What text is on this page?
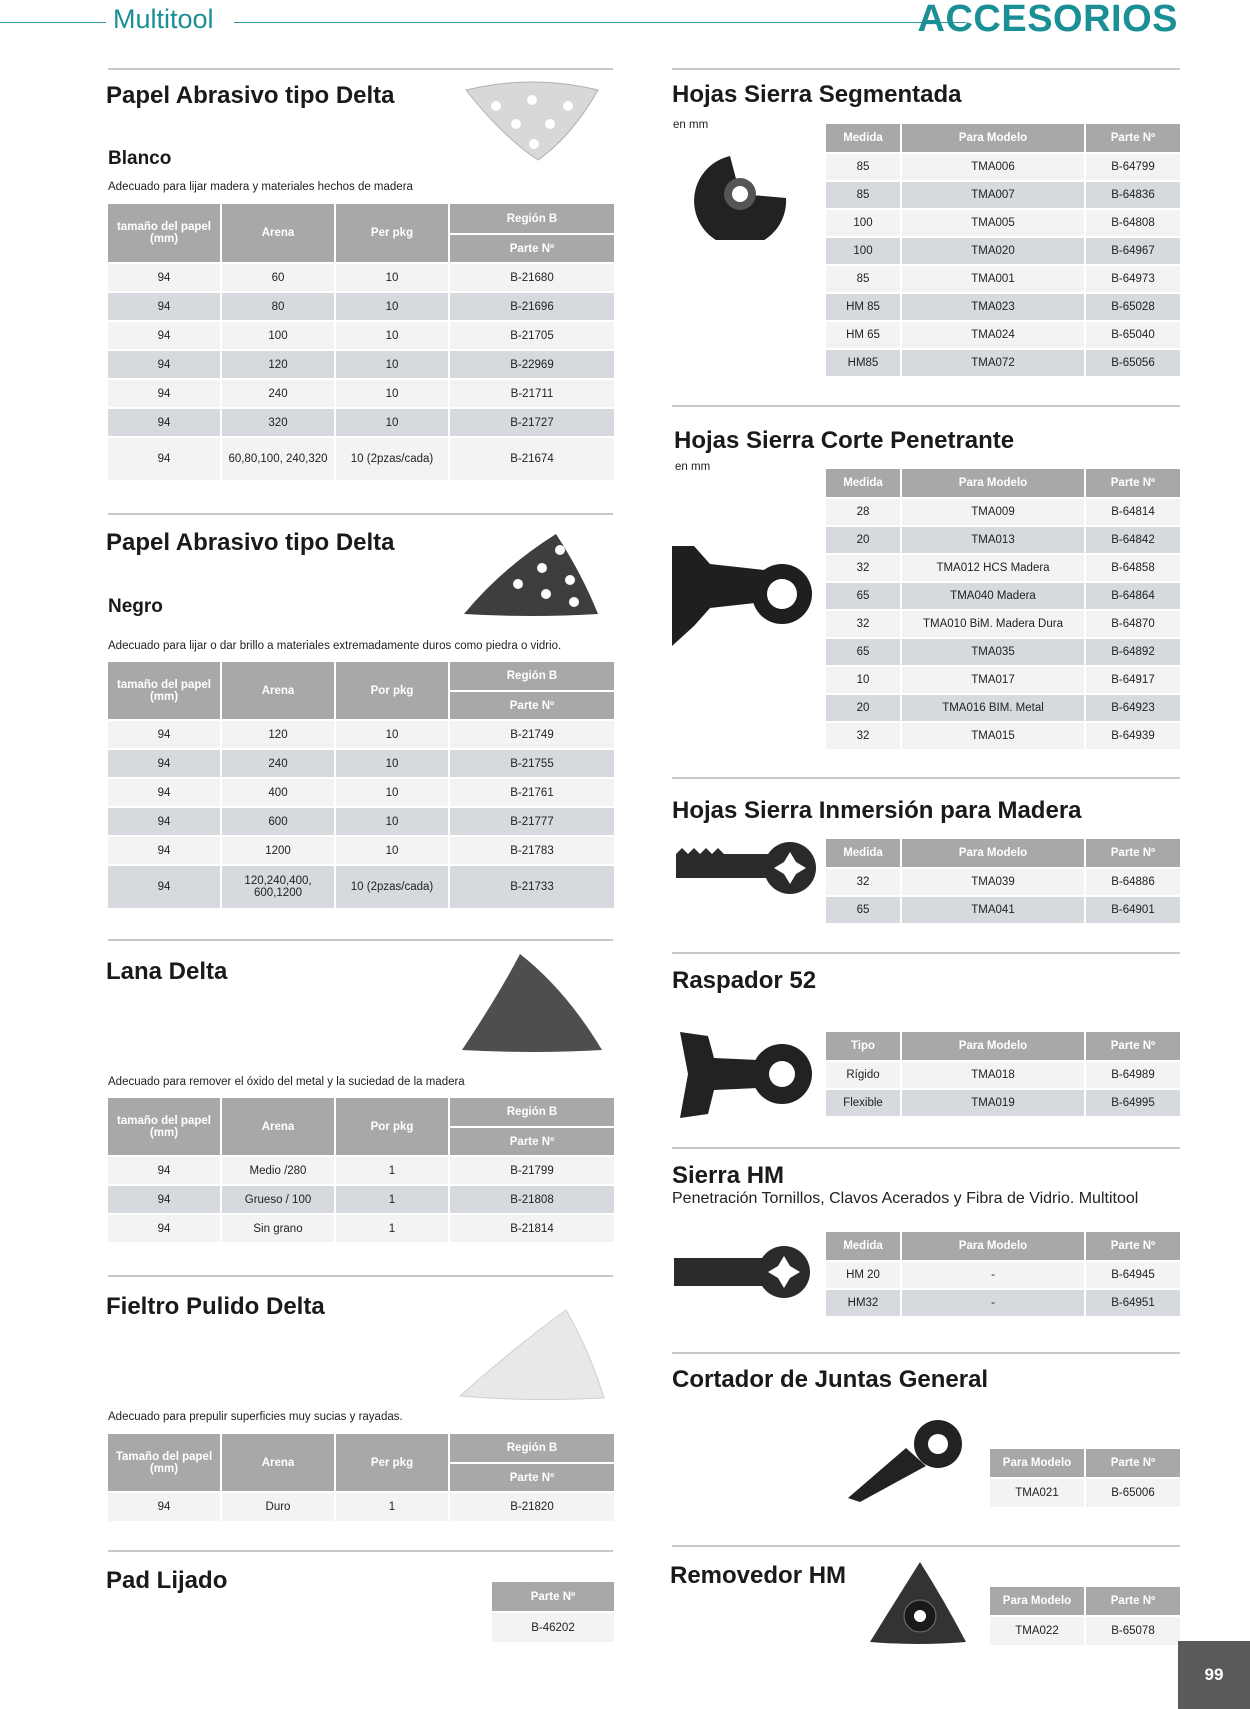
Multitool	ACCESORIOS
Papel Abrasivo tipo Delta
Blanco
Adecuado para lijar madera y materiales hechos de madera
tamaño del papel (mm)	Arena	Per pkg	Región B
			Parte Nº
94	60	10	B-21680
94	80	10	B-21696
94	100	10	B-21705
94	120	10	B-22969
94	240	10	B-21711
94	320	10	B-21727
94	60,80,100, 240,320	10 (2pzas/cada)	B-21674
Papel Abrasivo tipo Delta
Negro
Adecuado para lijar o dar brillo a materiales extremadamente duros como piedra o vidrio.
tamaño del papel (mm)	Arena	Por pkg	Región B
			Parte Nº
94	120	10	B-21749
94	240	10	B-21755
94	400	10	B-21761
94	600	10	B-21777
94	1200	10	B-21783
94	120,240,400, 600,1200	10 (2pzas/cada)	B-21733
Lana Delta
Adecuado para remover el óxido del metal y la suciedad de la madera
tamaño del papel (mm)	Arena	Por pkg	Región B
			Parte Nº
94	Medio /280	1	B-21799
94	Grueso / 100	1	B-21808
94	Sin grano	1	B-21814
Fieltro Pulido Delta
Adecuado para prepulir superficies muy sucias y rayadas.
Tamaño del papel (mm)	Arena	Per pkg	Región B
			Parte Nº
94	Duro	1	B-21820
Pad Lijado
Parte Nº
B-46202
Hojas Sierra Segmentada
en mm
Medida	Para Modelo	Parte Nº
85	TMA006	B-64799
85	TMA007	B-64836
100	TMA005	B-64808
100	TMA020	B-64967
85	TMA001	B-64973
HM 85	TMA023	B-65028
HM 65	TMA024	B-65040
HM85	TMA072	B-65056
Hojas Sierra Corte Penetrante
en mm
Medida	Para Modelo	Parte Nº
28	TMA009	B-64814
20	TMA013	B-64842
32	TMA012 HCS Madera	B-64858
65	TMA040 Madera	B-64864
32	TMA010 BiM. Madera Dura	B-64870
65	TMA035	B-64892
10	TMA017	B-64917
20	TMA016 BIM. Metal	B-64923
32	TMA015	B-64939
Hojas Sierra Inmersión para Madera
Medida	Para Modelo	Parte Nº
32	TMA039	B-64886
65	TMA041	B-64901
Raspador 52
Tipo	Para Modelo	Parte Nº
Rígido	TMA018	B-64989
Flexible	TMA019	B-64995
Sierra HM
Penetración Tornillos, Clavos Acerados y Fibra de Vidrio. Multitool
Medida	Para Modelo	Parte Nº
HM 20	-	B-64945
HM32	-	B-64951
Cortador de Juntas General
Para Modelo	Parte Nº
TMA021	B-65006
Removedor HM
Para Modelo	Parte Nº
TMA022	B-65078
99
